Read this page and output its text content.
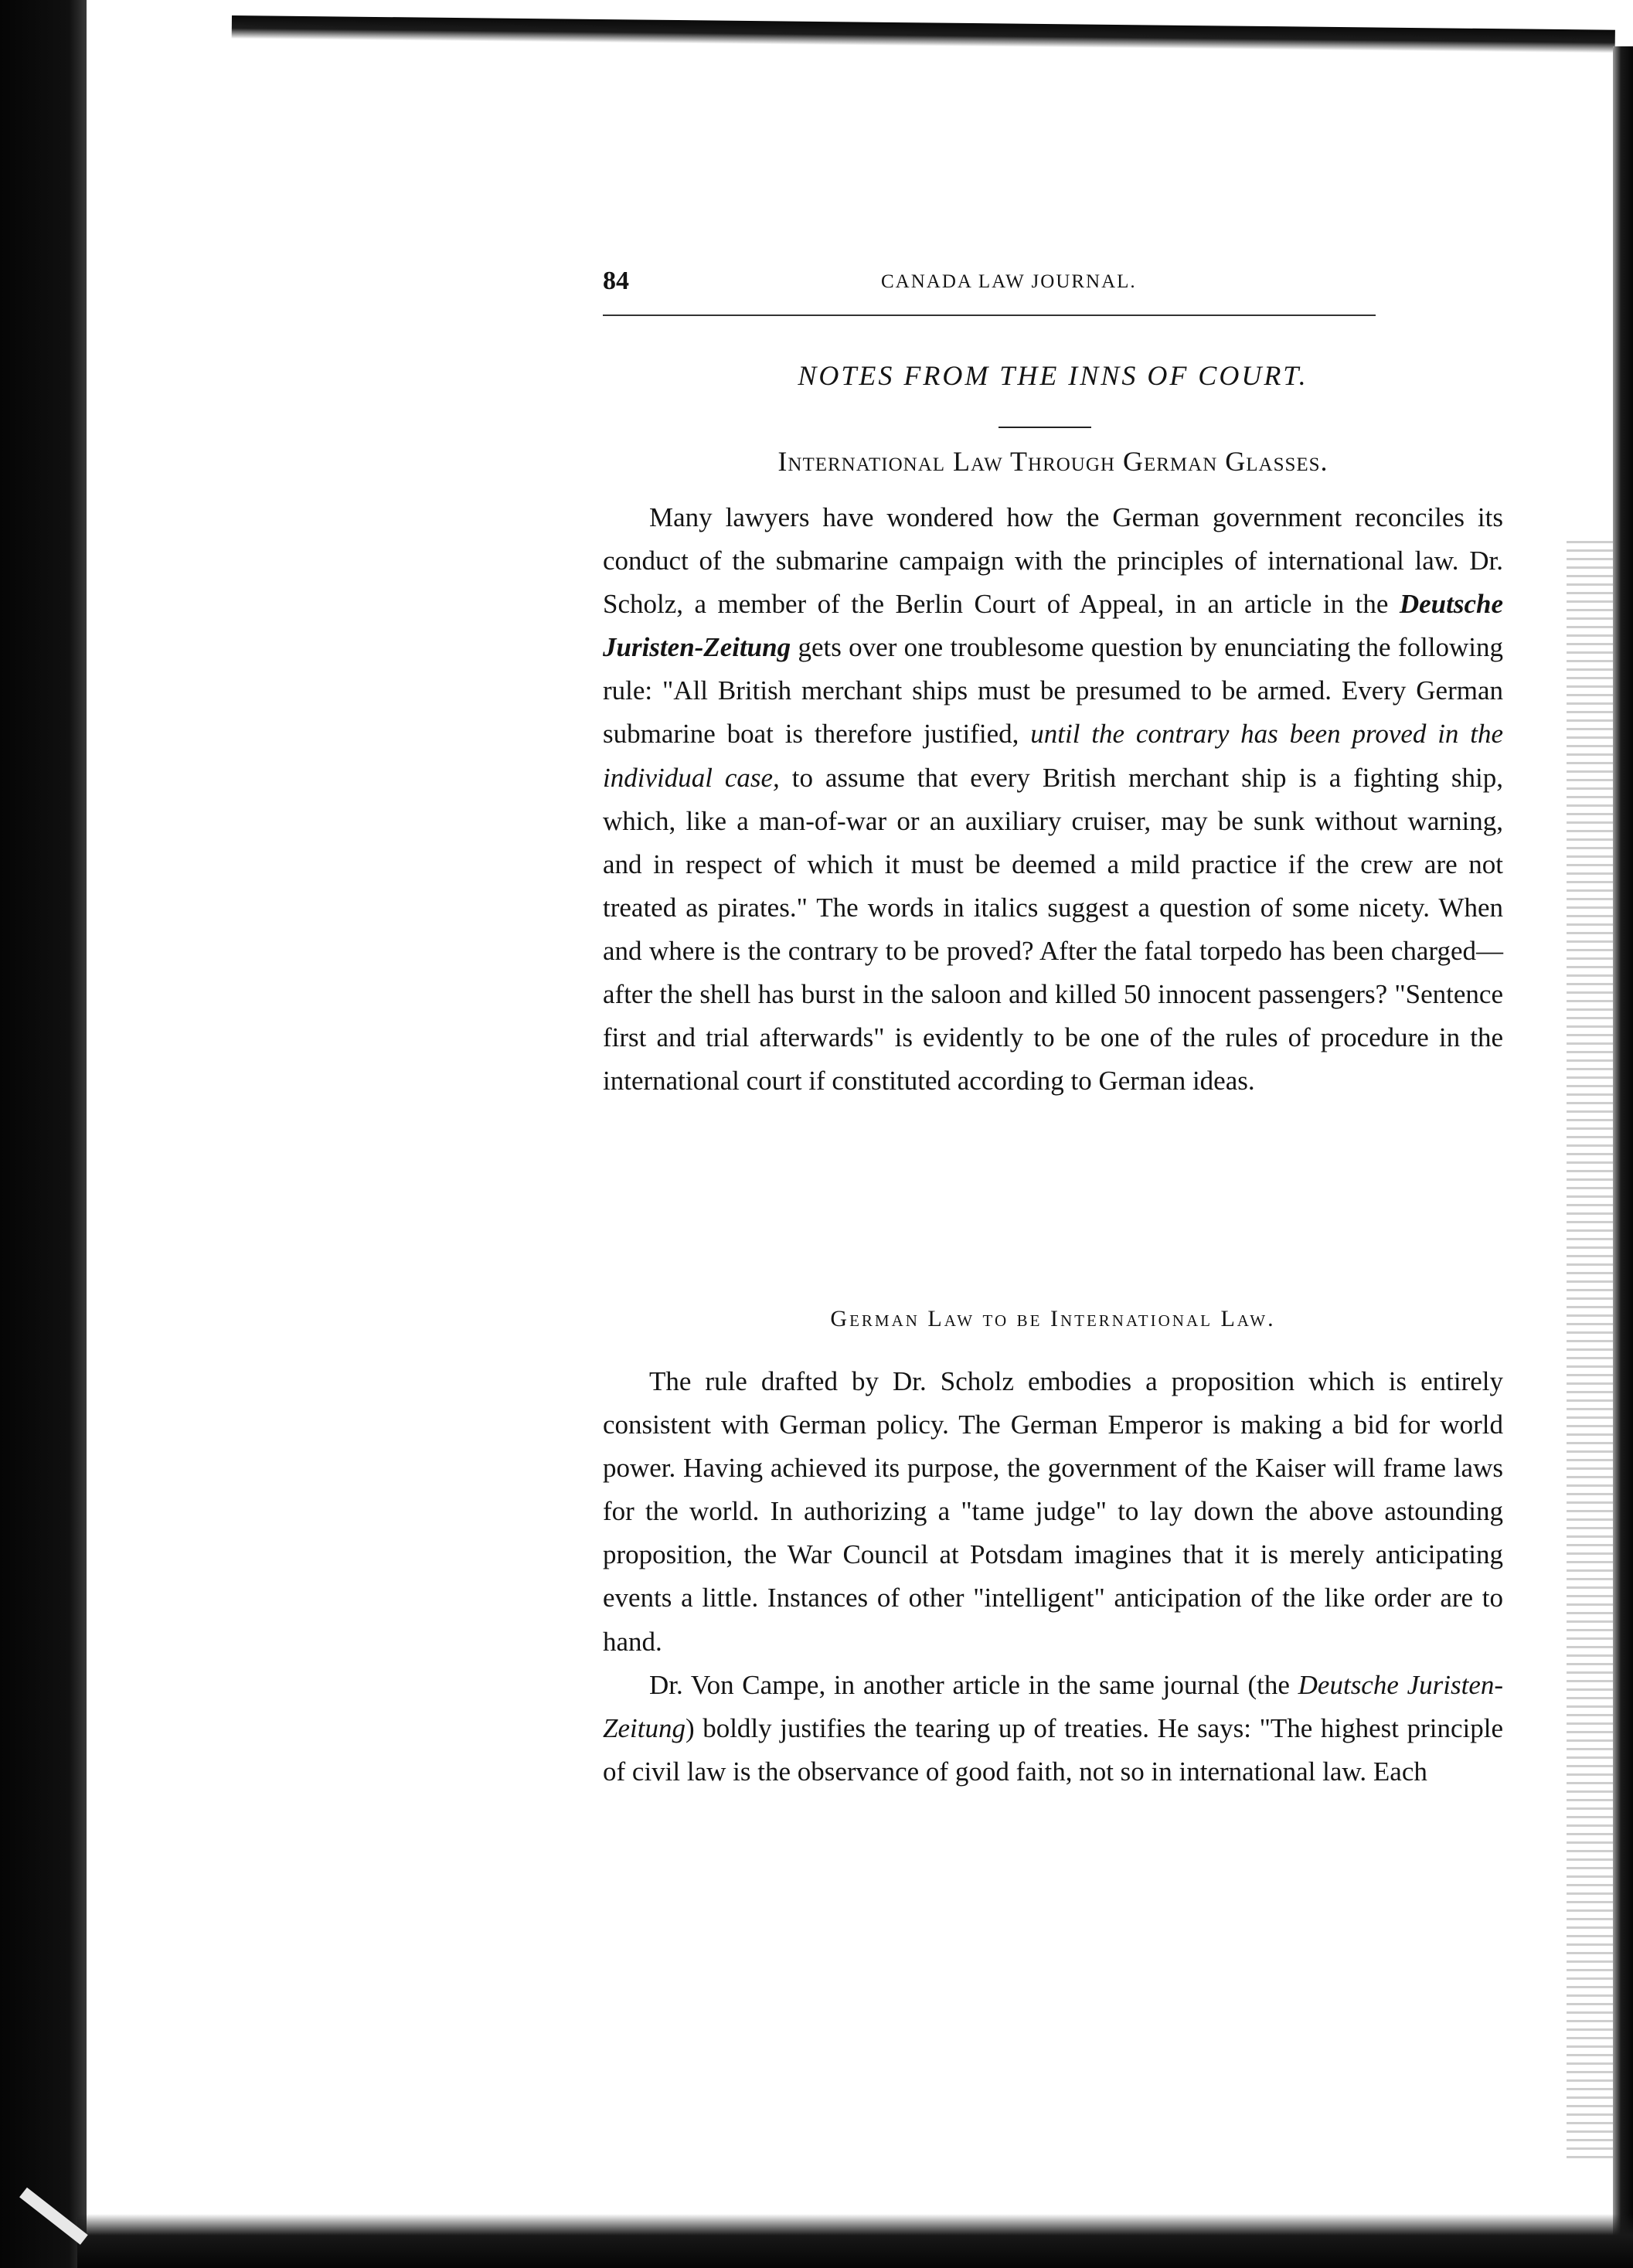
84	CANADA LAW JOURNAL.
NOTES FROM THE INNS OF COURT.
International Law Through German Glasses.

Many lawyers have wondered how the German government reconciles its conduct of the submarine campaign with the principles of international law. Dr. Scholz, a member of the Berlin Court of Appeal, in an article in the Deutsche Juristen-Zeitung gets over one troublesome question by enunciating the following rule: "All British merchant ships must be presumed to be armed. Every German submarine boat is therefore justified, until the contrary has been proved in the individual case, to assume that every British merchant ship is a fighting ship, which, like a man-of-war or an auxiliary cruiser, may be sunk without warning, and in respect of which it must be deemed a mild practice if the crew are not treated as pirates." The words in italics suggest a question of some nicety. When and where is the contrary to be proved? After the fatal torpedo has been charged—after the shell has burst in the saloon and killed 50 innocent passengers? "Sentence first and trial afterwards" is evidently to be one of the rules of procedure in the international court if constituted according to German ideas.

German Law to be International Law.

The rule drafted by Dr. Scholz embodies a proposition which is entirely consistent with German policy. The German Emperor is making a bid for world power. Having achieved its purpose, the government of the Kaiser will frame laws for the world. In authorizing a "tame judge" to lay down the above astounding proposition, the War Council at Potsdam imagines that it is merely anticipating events a little. Instances of other "intelligent" anticipation of the like order are to hand.

Dr. Von Campe, in another article in the same journal (the Deutsche Juristen-Zeitung) boldly justifies the tearing up of treaties. He says: "The highest principle of civil law is the observance of good faith, not so in international law. Each
